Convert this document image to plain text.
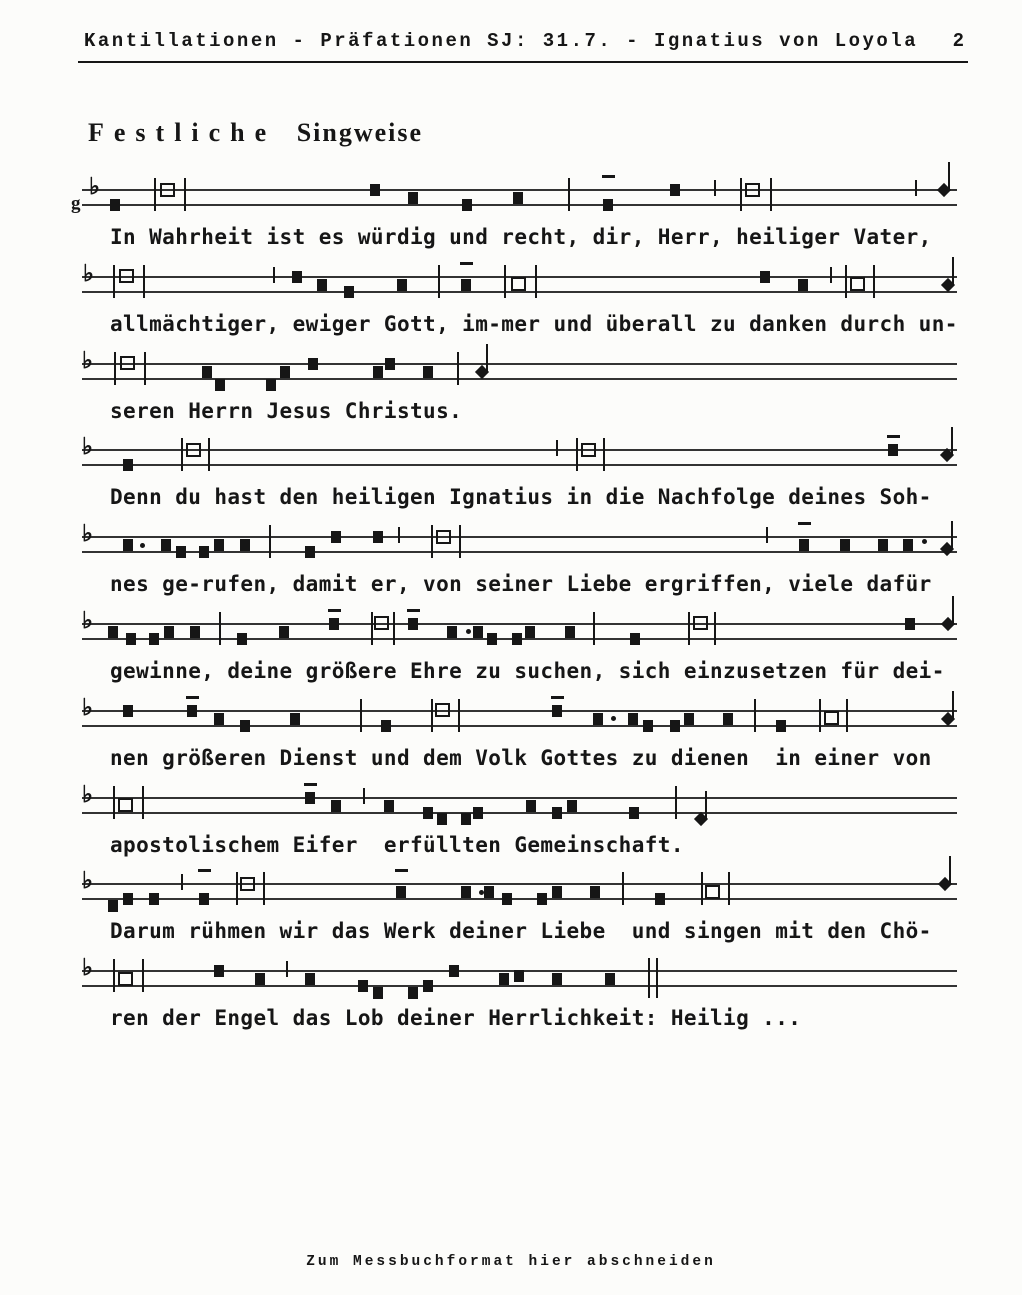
Kantillationen - Präfationen SJ: 31.7. - Ignatius von Loyola 2
Festliche Singweise
g
♭
In Wahrheit ist es würdig und recht, dir, Herr, heiliger Vater,
♭
allmächtiger, ewiger Gott, im-mer und überall zu danken durch un-
♭
seren Herrn Jesus Christus.
♭
Denn du hast den heiligen Ignatius in die Nachfolge deines Soh-
♭
nes ge-rufen, damit er, von seiner Liebe ergriffen, viele dafür
♭
gewinne, deine größere Ehre zu suchen, sich einzusetzen für dei-
♭
nen größeren Dienst und dem Volk Gottes zu dienen  in einer von
♭
apostolischem Eifer  erfüllten Gemeinschaft.
♭
Darum rühmen wir das Werk deiner Liebe  und singen mit den Chö-
♭
ren der Engel das Lob deiner Herrlichkeit: Heilig ...
Zum Messbuchformat hier abschneiden
